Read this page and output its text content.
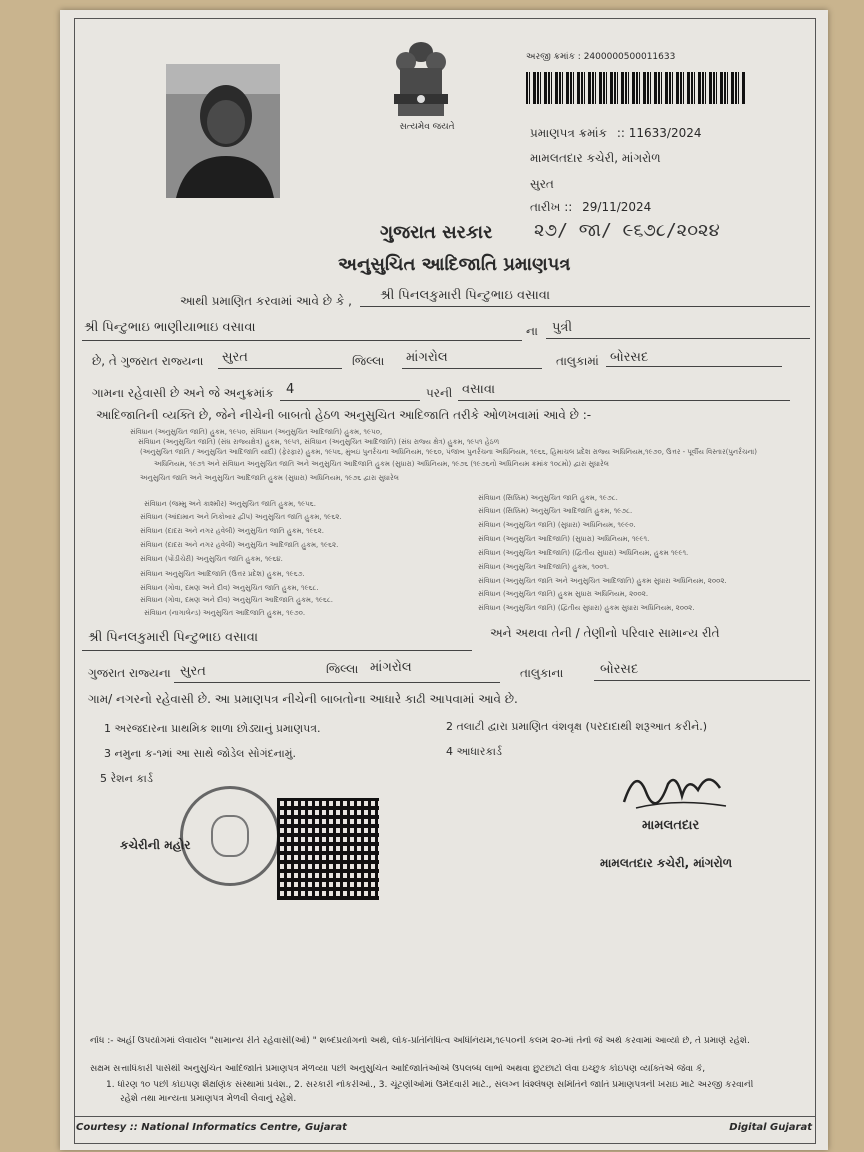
સત્યમેવ જયતે
અરજી ક્રમાંક : 2400000500011633
પ્રમાણપત્ર ક્રમાંક :: 11633/2024
મામલતદાર કચેરી, માંગરોળ
સુરત
તારીખ :: 29/11/2024
ગુજરાત સરકાર ૨૭/ જા/ ૯૬૭૮/૨૦૨૪
અનુસુચિત આદિજાતિ પ્રમાણપત્ર
આથી પ્રમાણિત કરવામાં આવે છે કે , શ્રી પિનલકુમારી પિન્ટુભાઇ વસાવા
શ્રી પિન્ટુભાઇ ભાણીયાભાઇ વસાવા	ના પુત્રી
છે, તે ગુજરાત રાજ્યના સુરત	જિલ્લા માંગરોલ	તાલુકામાં બોરસદ
ગામના રહેવાસી છે અને જે અનુક્રમાંક 4	પરની વસાવા
આદિજાતિની વ્યક્તિ છે, જેને નીચેની બાબતો હેઠળ અનુસુચિત આદિજાતિ તરીકે ઓળખવામાં આવે છે :-
સંવિધાન (અનુસુચિત જાતિ) હુકમ, ૧૯૫૦, સંવિધાન (અનુસુચિત આદિજાતિ) હુકમ, ૧૯૫૦,
સંવિધાન (અનુસુચિત જાતિ) (સંઘ રાજ્યક્ષેત્ર) હુકમ, ૧૯૫૧, સંવિધાન (અનુસુચિત આદિજાતિ) (સંઘ રાજ્ય ક્ષેત્ર) હુકમ, ૧૯૫૧ હેઠળ
(અનુસુચિત જાતિ / અનુસુચિત આદિજાતિ યાદી) (ફેરફાર) હુકમ, ૧૯૫૬, મુંબઇ પુનર્રચના અધિનિયમ, ૧૯૬૦, પંજાબ પુનર્રચના અધિનિયમ, ૧૯૬૬, હિમાચલ પ્રદેશ રાજ્ય અધિનિયમ,૧૯૭૦, ઉત્તર - પૂર્વીય વિસ્તાર(પુનર્રચના)
અધિનિયમ, ૧૯૭૧ અને સંવિધાન અનુસુચિત જાતિ અને અનુસુચિત આદિજાતિ હુકમ (સુધારા) અધિનિયમ, ૧૯૭૬ (૧૯૭૬નો અધિનિયમ ક્રમાંક ૧૦૮મો) દ્વારા સુધારેલ
અનુસુચિત જાતિ અને અનુસુચિત આદિજાતિ હુકમ (સુધારા) અધિનિયમ, ૧૯૭૬ દ્વારા સુધારેલ
સંવિધાન (જમ્મુ અને કાશ્મીર) અનુસુચિત જાતિ હુકમ, ૧૯૫૬.
સંવિધાન (આંદામાન અને નિકોબાર દ્વીપ) અનુસુચિત જાતિ હુકમ, ૧૯૬૨.
સંવિધાન (દાદરા અને નગર હવેલી) અનુસુચિત જાતિ હુકમ, ૧૯૬૨.
સંવિધાન (દાદરા અને નગર હવેલી) અનુસુચિત આદિજાતિ હુકમ, ૧૯૬૨.
સંવિધાન (પોંડીચેરી) અનુસુચિત જાતિ હુકમ, ૧૯૬૪.
સંવિધાન અનુસુચિત આદિજાતિ (ઉત્તર પ્રદેશ) હુકમ, ૧૯૬૭.
સંવિધાન (ગોવા, દમણ અને દીવ) અનુસુચિત જાતિ હુકમ, ૧૯૬૮.
સંવિધાન (ગોવા, દમણ અને દીવ) અનુસુચિત આદિજાતિ હુકમ, ૧૯૬૮.
સંવિધાન (નાગાલેન્ડ) અનુસુચિત આદિજાતિ હુકમ, ૧૯૭૦.
સંવિધાન (સિક્કિમ) અનુસુચિત જાતિ હુકમ, ૧૯૭૮.
સંવિધાન (સિક્કિમ) અનુસુચિત આદિજાતિ હુકમ, ૧૯૭૮.
સંવિધાન (અનુસુચિત જાતિ) (સુધારા) અધિનિયમ, ૧૯૯૦.
સંવિધાન (અનુસુચિત આદિજાતિ) (સુધારા) અધિનિયમ, ૧૯૯૧.
સંવિધાન (અનુસુચિત આદિજાતિ) (દ્વિતીય સુધારા) અધિનિયમ, હુકમ ૧૯૯૧.
સંવિધાન (અનુસુચિત આદિજાતિ) હુકમ, ૧૦૦૧.
સંવિધાન (અનુસુચિત જાતિ અને અનુસુચિત આદિજાતિ) હુકમ સુધારા અધિનિયમ, ૨૦૦૨.
સંવિધાન (અનુસુચિત જાતિ) હુકમ સુધારા અધિનિયમ, ૨૦૦૨.
સંવિધાન (અનુસુચિત જાતિ) (દ્વિતીય સુધારા) હુકમ સુધારા અધિનિયમ, ૨૦૦૨.
શ્રી પિનલકુમારી પિન્ટુભાઇ વસાવા	અને અથવા તેની / તેણીનો પરિવાર સામાન્ય રીતે
ગુજરાત રાજ્યના સુરત	જિલ્લા માંગરોલ	તાલુકાના	બોરસદ
ગામ/ નગરનો રહેવાસી છે. આ પ્રમાણપત્ર નીચેની બાબતોના આધારે કાઢી આપવામાં આવે છે.
1 અરજદારના પ્રાથમિક શાળા છોડ્યાનું પ્રમાણપત્ર.	2 તલાટી દ્વારા પ્રમાણિત વંશવૃક્ષ (પરદાદાથી શરૂઆત કરીને.)
3 નમુના ક-૧માં આ સાથે જોડેલ સોગંદનામું.	4 આધારકાર્ડ
5 રેશન કાર્ડ
કચેરીની મહોર
મામલતદાર
મામલતદાર કચેરી, માંગરોળ
નોંધ :- અહીં ઉપયોગમાં લેવાયેલ "સામાન્ય રીતે રહેવાસી(ઓ) " શબ્દપ્રયોગનો અર્થ, લોક-પ્રતિનિધિત્વ અધિનિયમ,૧૯૫૦ની કલમ ૨૦-માં તેનો જે અર્થ કરવામાં આવ્યો છે, તે પ્રમાણે રહેશે.
સક્ષમ સત્તાધિકારી પાસેથી અનુસુચિત આદિજાતિ પ્રમાણપત્ર મેળવ્યા પછી અનુસુચિત આદિજાતિઓએ ઉપલબ્ધ લાભો અથવા છુટછાટો લેવા ઇચ્છુક કોઇપણ વ્યક્તિએ જેવા કે,
1. ધોરણ ૧૦ પછી કોઇપણ શૈક્ષણિક સંસ્થામાં પ્રવેશ., 2. સરકારી નોકરીઓ., 3. ચૂંટણીઓમાં ઉમેદવારી માટે., સંલગ્ન વિશ્લેષણ સમિતિને જાતિ પ્રમાણપત્રની ખરાઇ માટે અરજી કરવાની
રહેશે તથા માન્યતા પ્રમાણપત્ર મેળવી લેવાનું રહેશે.
Courtesy :: National Informatics Centre, Gujarat	Digital Gujarat
